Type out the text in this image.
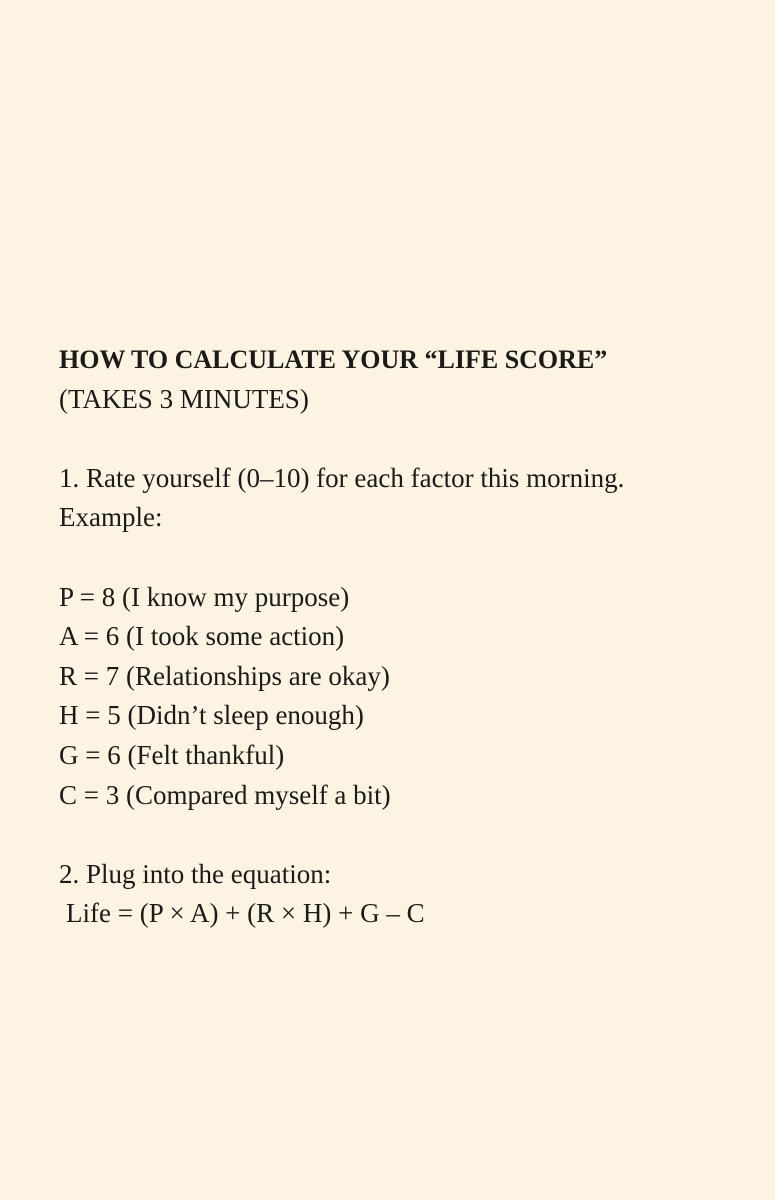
HOW TO CALCULATE YOUR “LIFE SCORE”

(TAKES 3 MINUTES)

1. Rate yourself (0–10) for each factor this morning.

Example:

P = 8 (I know my purpose)

A = 6 (I took some action)

R = 7 (Relationships are okay)

H = 5 (Didn’t sleep enough)

G = 6 (Felt thankful)

C = 3 (Compared myself a bit)

2. Plug into the equation:

Life = (P × A) + (R × H) + G – C
